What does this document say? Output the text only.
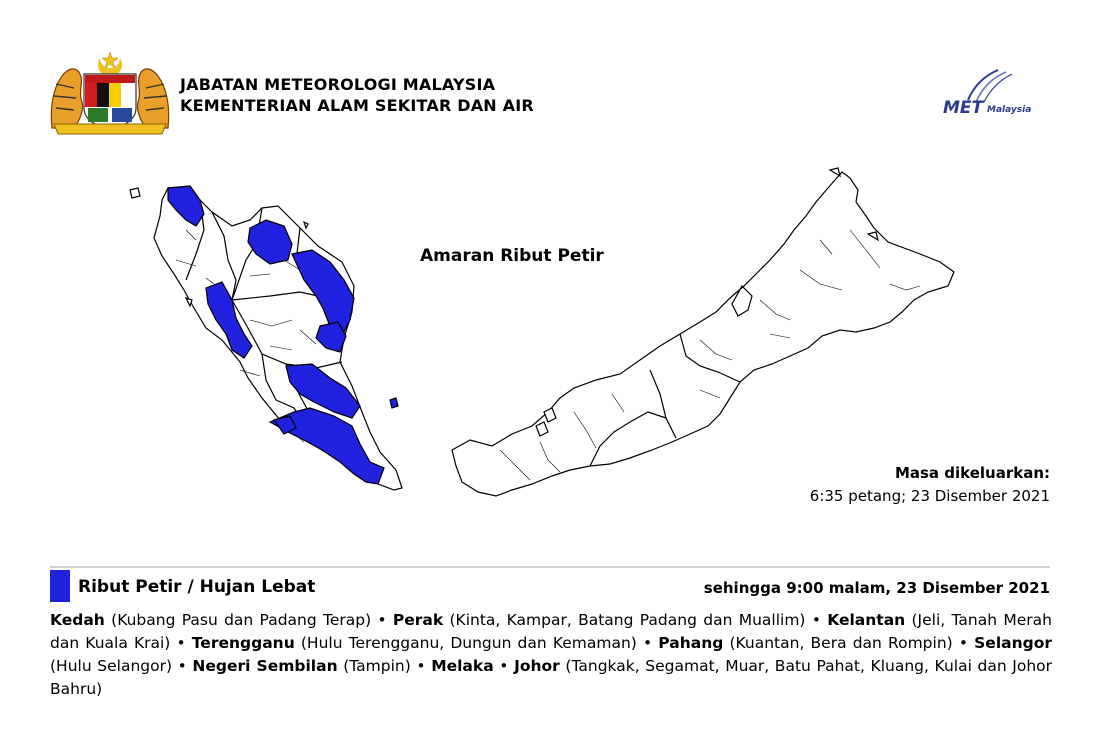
JABATAN METEOROLOGI MALAYSIA
KEMENTERIAN ALAM SEKITAR DAN AIR	MET Malaysia
Amaran Ribut Petir
Masa dikeluarkan:
6:35 petang; 23 Disember 2021
Ribut Petir / Hujan Lebat	sehingga 9:00 malam, 23 Disember 2021
Kedah (Kubang Pasu dan Padang Terap) • Perak (Kinta, Kampar, Batang Padang dan Muallim) • Kelantan (Jeli, Tanah Merah dan Kuala Krai) • Terengganu (Hulu Terengganu, Dungun dan Kemaman) • Pahang (Kuantan, Bera dan Rompin) • Selangor (Hulu Selangor) • Negeri Sembilan (Tampin) • Melaka • Johor (Tangkak, Segamat, Muar, Batu Pahat, Kluang, Kulai dan Johor Bahru)
